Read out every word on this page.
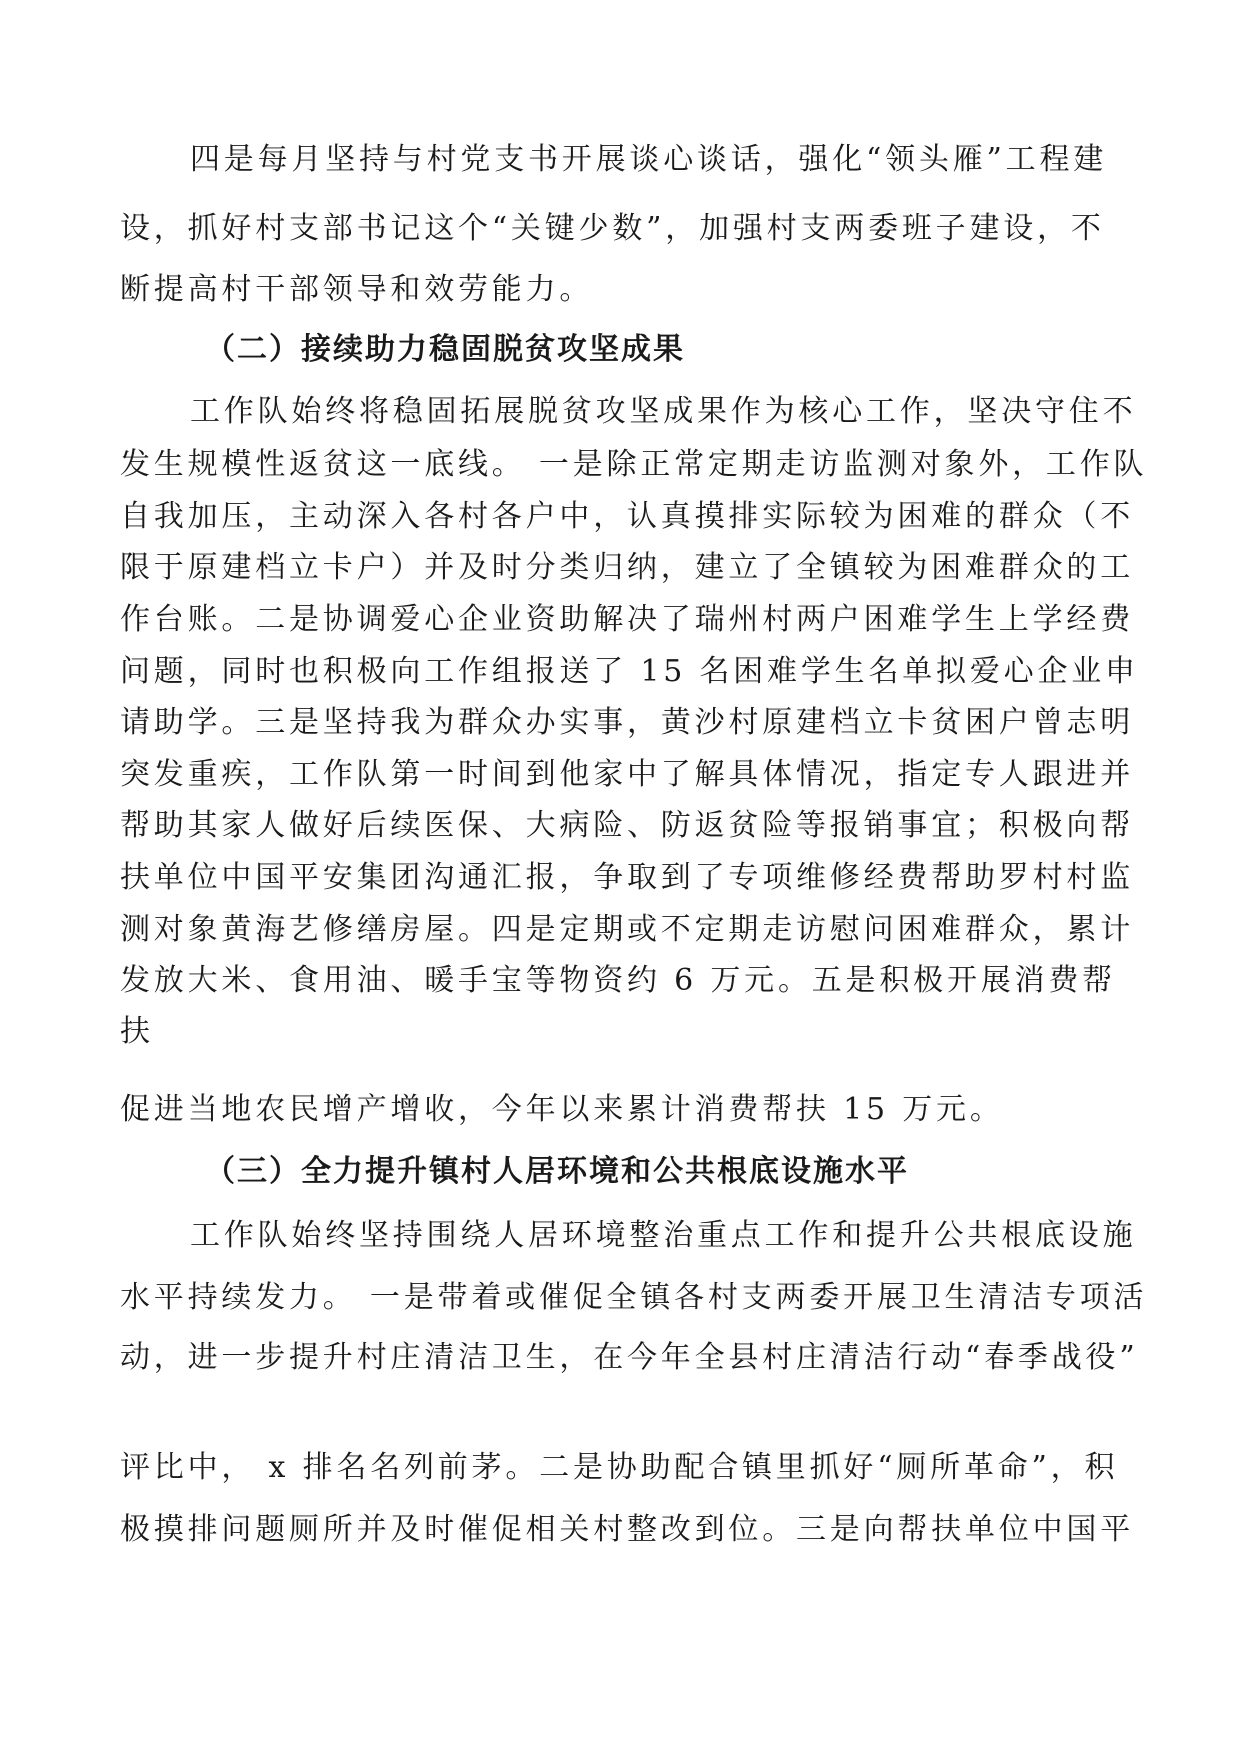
四是每月坚持与村党支书开展谈心谈话，强化“领头雁”工程建

设，抓好村支部书记这个“关键少数”，加强村支两委班子建设，不

断提高村干部领导和效劳能力。

（二）接续助力稳固脱贫攻坚成果

工作队始终将稳固拓展脱贫攻坚成果作为核心工作，坚决守住不

发生规模性返贫这一底线。 一是除正常定期走访监测对象外，工作队

自我加压，主动深入各村各户中，认真摸排实际较为困难的群众（不

限于原建档立卡户）并及时分类归纳，建立了全镇较为困难群众的工

作台账。二是协调爱心企业资助解决了瑞州村两户困难学生上学经费

问题，同时也积极向工作组报送了 15 名困难学生名单拟爱心企业申

请助学。三是坚持我为群众办实事，黄沙村原建档立卡贫困户曾志明

突发重疾，工作队第一时间到他家中了解具体情况，指定专人跟进并

帮助其家人做好后续医保、大病险、防返贫险等报销事宜；积极向帮

扶单位中国平安集团沟通汇报，争取到了专项维修经费帮助罗村村监

测对象黄海艺修缮房屋。四是定期或不定期走访慰问困难群众，累计

发放大米、食用油、暖手宝等物资约 6 万元。五是积极开展消费帮

扶

促进当地农民增产增收，今年以来累计消费帮扶 15 万元。

（三）全力提升镇村人居环境和公共根底设施水平

工作队始终坚持围绕人居环境整治重点工作和提升公共根底设施

水平持续发力。 一是带着或催促全镇各村支两委开展卫生清洁专项活

动，进一步提升村庄清洁卫生，在今年全县村庄清洁行动“春季战役”

评比中， x 排名名列前茅。二是协助配合镇里抓好“厕所革命”，积

极摸排问题厕所并及时催促相关村整改到位。三是向帮扶单位中国平
